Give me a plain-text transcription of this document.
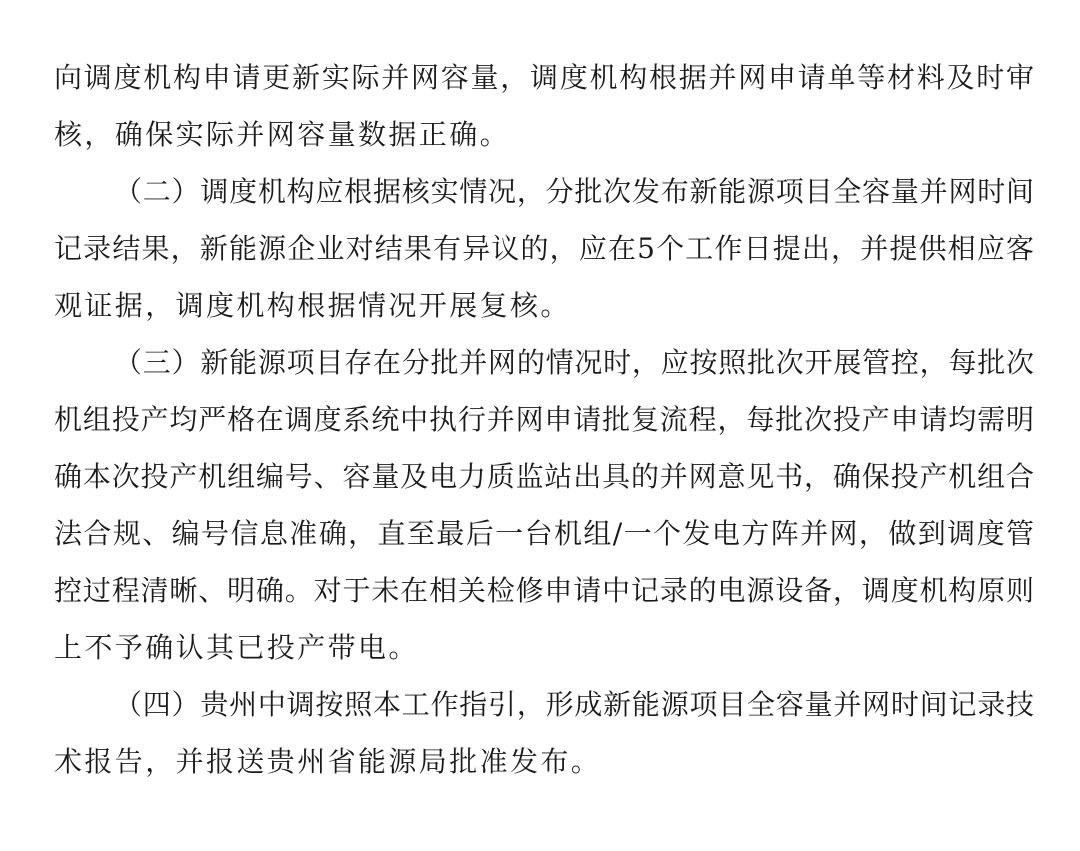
向调度机构申请更新实际并网容量，调度机构根据并网申请单等材料及时审
核，确保实际并网容量数据正确。
（二）调度机构应根据核实情况，分批次发布新能源项目全容量并网时间
记录结果，新能源企业对结果有异议的，应在5个工作日提出，并提供相应客
观证据，调度机构根据情况开展复核。
（三）新能源项目存在分批并网的情况时，应按照批次开展管控，每批次
机组投产均严格在调度系统中执行并网申请批复流程，每批次投产申请均需明
确本次投产机组编号、容量及电力质监站出具的并网意见书，确保投产机组合
法合规、编号信息准确，直至最后一台机组/一个发电方阵并网，做到调度管
控过程清晰、明确。对于未在相关检修申请中记录的电源设备，调度机构原则
上不予确认其已投产带电。
（四）贵州中调按照本工作指引，形成新能源项目全容量并网时间记录技
术报告，并报送贵州省能源局批准发布。
